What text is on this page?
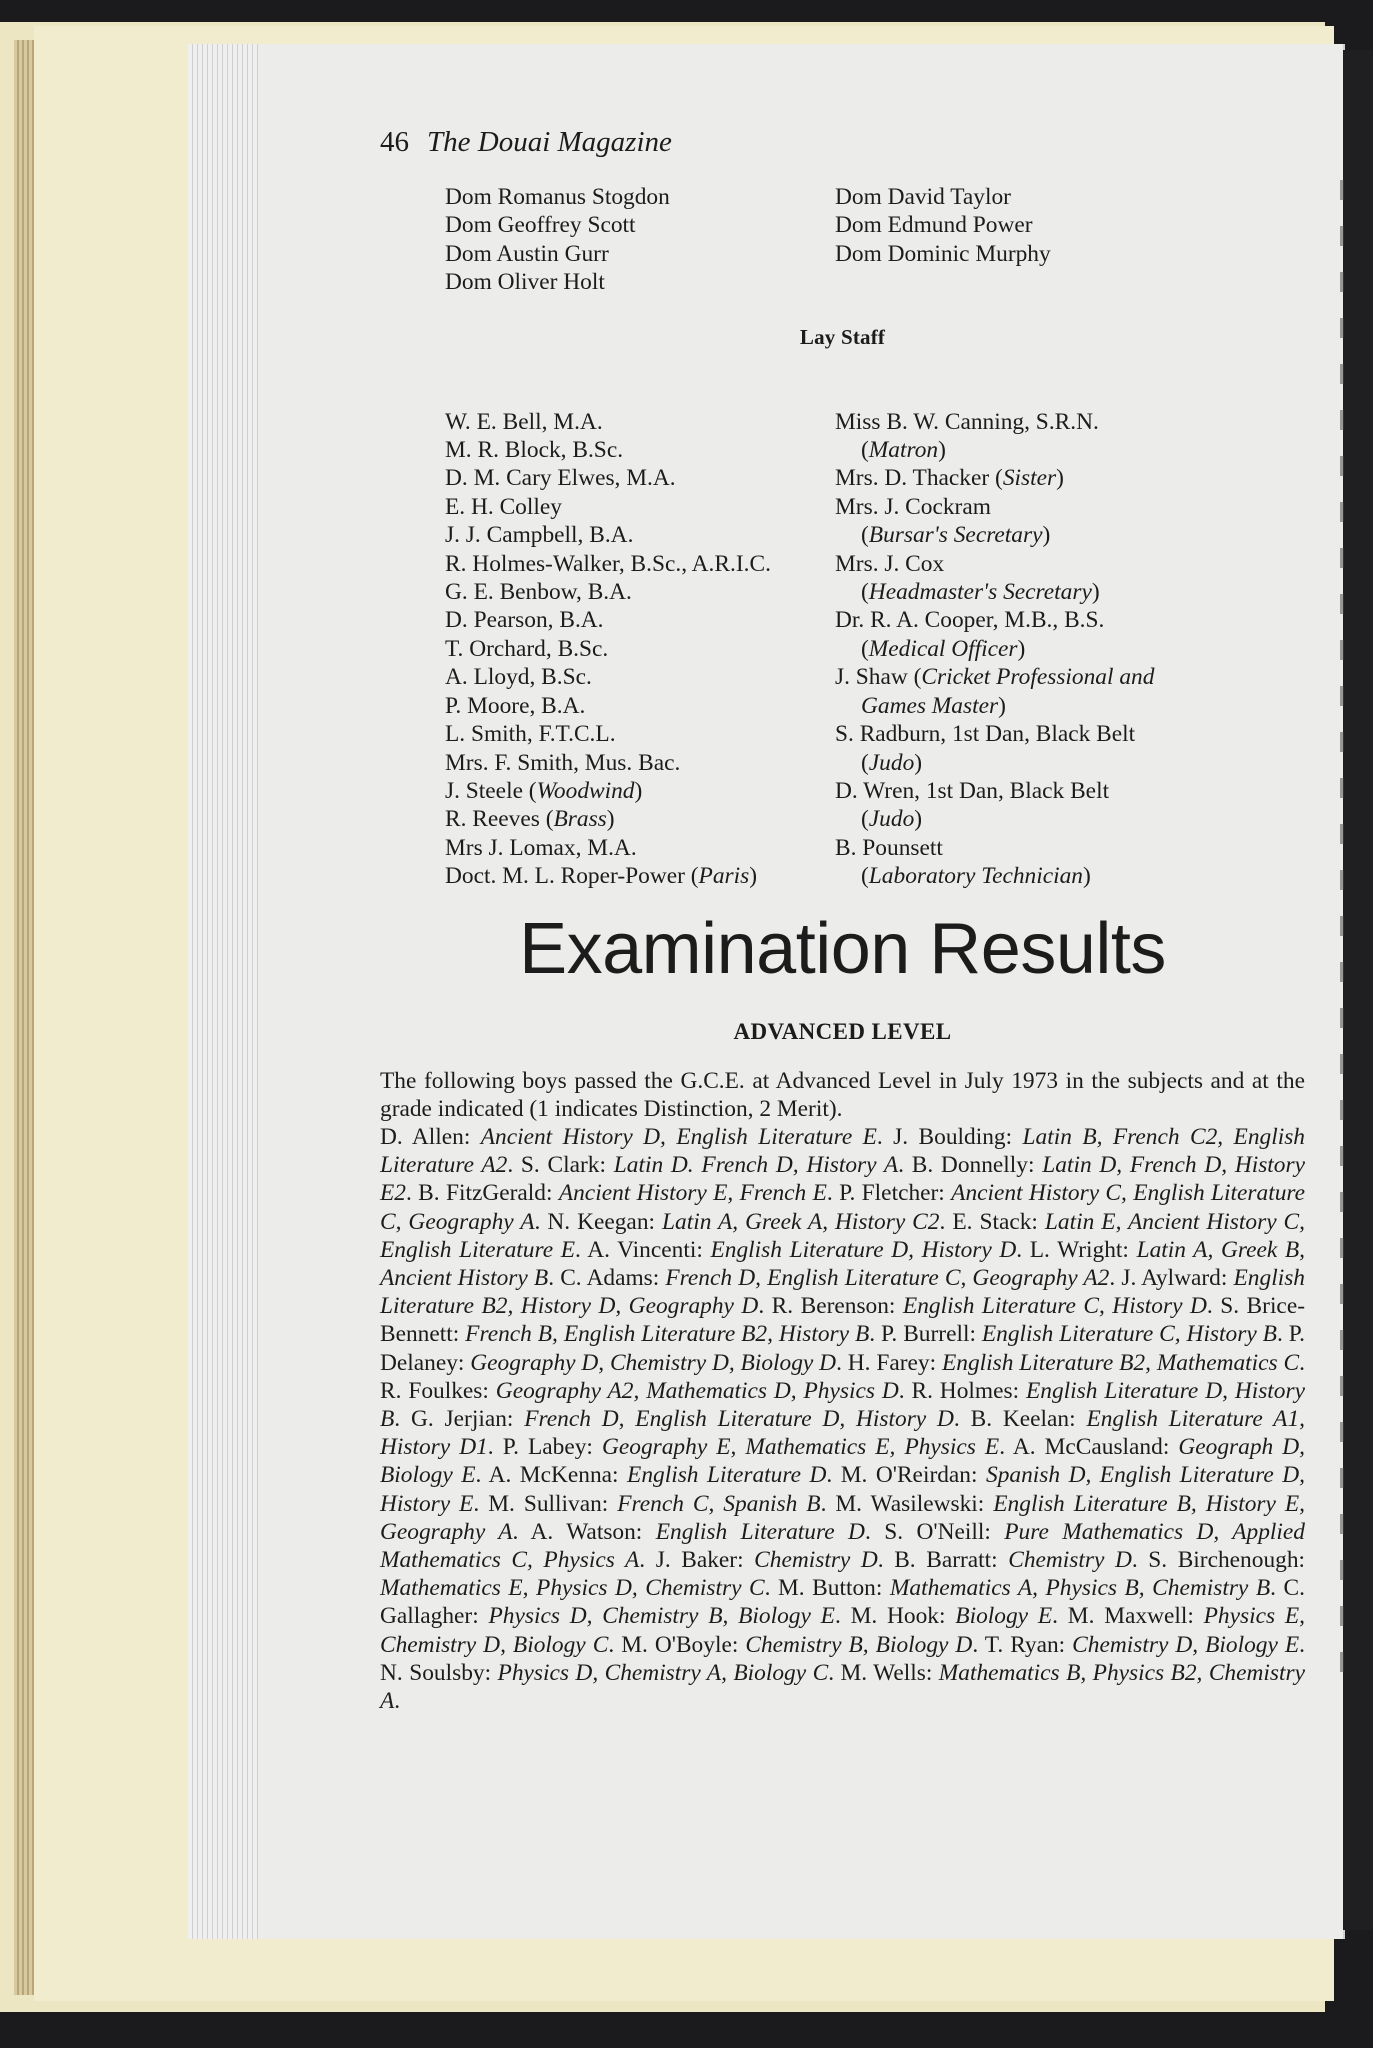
46 The Douai Magazine
Dom Romanus Stogdon
Dom Geoffrey Scott
Dom Austin Gurr
Dom Oliver Holt
Dom David Taylor
Dom Edmund Power
Dom Dominic Murphy
Lay Staff
W. E. Bell, M.A.
M. R. Block, B.Sc.
D. M. Cary Elwes, M.A.
E. H. Colley
J. J. Campbell, B.A.
R. Holmes-Walker, B.Sc., A.R.I.C.
G. E. Benbow, B.A.
D. Pearson, B.A.
T. Orchard, B.Sc.
A. Lloyd, B.Sc.
P. Moore, B.A.
L. Smith, F.T.C.L.
Mrs. F. Smith, Mus. Bac.
J. Steele (Woodwind)
R. Reeves (Brass)
Mrs J. Lomax, M.A.
Doct. M. L. Roper-Power (Paris)
Miss B. W. Canning, S.R.N.
(Matron)
Mrs. D. Thacker (Sister)
Mrs. J. Cockram
(Bursar's Secretary)
Mrs. J. Cox
(Headmaster's Secretary)
Dr. R. A. Cooper, M.B., B.S.
(Medical Officer)
J. Shaw (Cricket Professional and
Games Master)
S. Radburn, 1st Dan, Black Belt
(Judo)
D. Wren, 1st Dan, Black Belt
(Judo)
B. Pounsett
(Laboratory Technician)
Examination Results
ADVANCED LEVEL
The following boys passed the G.C.E. at Advanced Level in July 1973 in the subjects and at the grade indicated (1 indicates Distinction, 2 Merit).
D. Allen: Ancient History D, English Literature E. J. Boulding: Latin B, French C2, English Literature A2. S. Clark: Latin D. French D, History A. B. Donnelly: Latin D, French D, History E2. B. FitzGerald: Ancient History E, French E. P. Fletcher: Ancient History C, English Literature C, Geography A. N. Keegan: Latin A, Greek A, History C2. E. Stack: Latin E, Ancient History C, English Literature E. A. Vincenti: English Literature D, History D. L. Wright: Latin A, Greek B, Ancient History B. C. Adams: French D, English Literature C, Geography A2. J. Aylward: English Literature B2, History D, Geography D. R. Berenson: English Literature C, History D. S. Brice-Bennett: French B, English Literature B2, History B. P. Burrell: English Literature C, History B. P. Delaney: Geography D, Chemistry D, Biology D. H. Farey: English Literature B2, Mathematics C. R. Foulkes: Geography A2, Mathematics D, Physics D. R. Holmes: English Literature D, History B. G. Jerjian: French D, English Literature D, History D. B. Keelan: English Literature A1, History D1. P. Labey: Geography E, Mathematics E, Physics E. A. McCausland: Geograph D, Biology E. A. McKenna: English Literature D. M. O'Reirdan: Spanish D, English Literature D, History E. M. Sullivan: French C, Spanish B. M. Wasilewski: English Literature B, History E, Geography A. A. Watson: English Literature D. S. O'Neill: Pure Mathematics D, Applied Mathematics C, Physics A. J. Baker: Chemistry D. B. Barratt: Chemistry D. S. Birchenough: Mathematics E, Physics D, Chemistry C. M. Button: Mathematics A, Physics B, Chemistry B. C. Gallagher: Physics D, Chemistry B, Biology E. M. Hook: Biology E. M. Maxwell: Physics E, Chemistry D, Biology C. M. O'Boyle: Chemistry B, Biology D. T. Ryan: Chemistry D, Biology E. N. Soulsby: Physics D, Chemistry A, Biology C. M. Wells: Mathematics B, Physics B2, Chemistry A.
